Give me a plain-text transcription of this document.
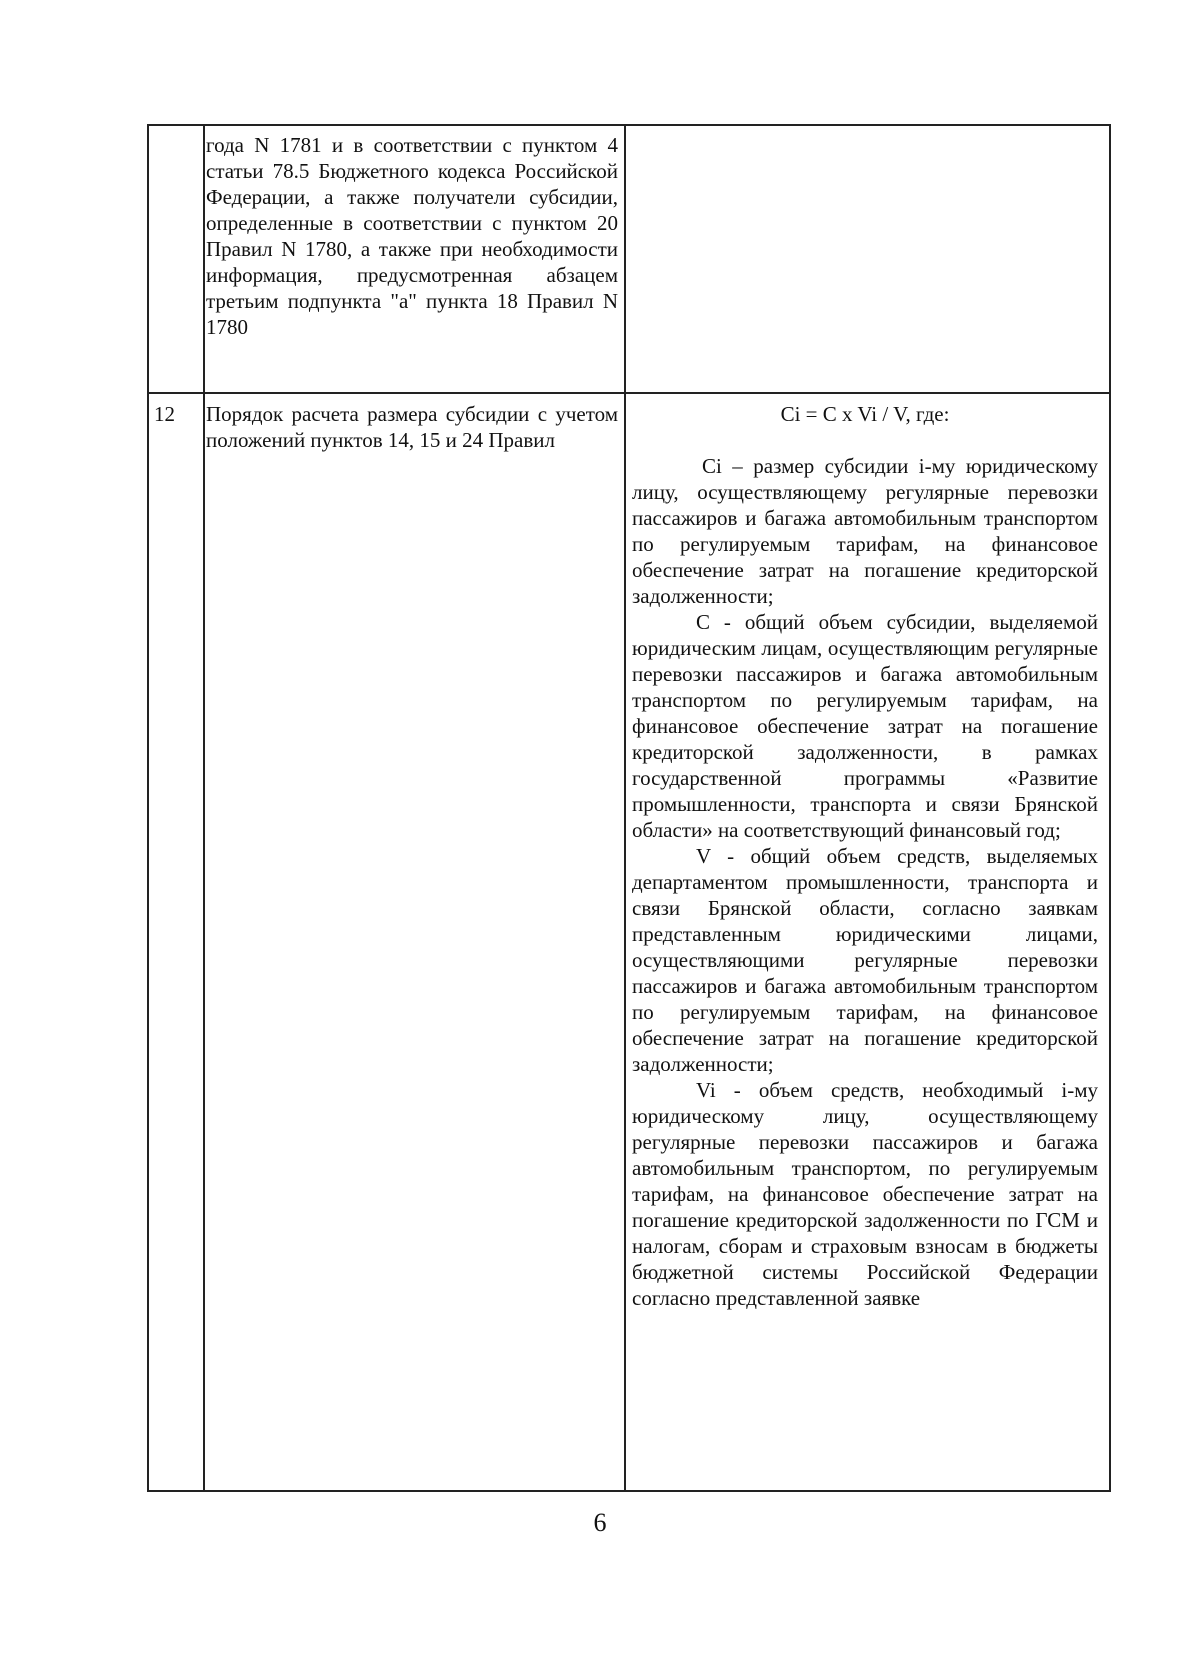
года N 1781 и в соответствии с пунктом 4 статьи 78.5 Бюджетного кодекса Российской Федерации, а также получатели субсидии, определенные в соответствии с пунктом 20 Правил N 1780, а также при необходимости информация, предусмотренная абзацем третьим подпункта "а" пункта 18 Правил N 1780
12	Порядок расчета размера субсидии с учетом положений пунктов 14, 15 и 24 Правил
Ci = C x Vi / V, где:
Ci – размер субсидии i-му юридическому лицу, осуществляющему регулярные перевозки пассажиров и багажа автомобильным транспортом по регулируемым тарифам, на финансовое обеспечение затрат на погашение кредиторской задолженности;
C - общий объем субсидии, выделяемой юридическим лицам, осуществляющим регулярные перевозки пассажиров и багажа автомобильным транспортом по регулируемым тарифам, на финансовое обеспечение затрат на погашение кредиторской задолженности, в рамках государственной программы «Развитие промышленности, транспорта и связи Брянской области» на соответствующий финансовый год;
V - общий объем средств, выделяемых департаментом промышленности, транспорта и связи Брянской области, согласно заявкам представленным юридическими лицами, осуществляющими регулярные перевозки пассажиров и багажа автомобильным транспортом по регулируемым тарифам, на финансовое обеспечение затрат на погашение кредиторской задолженности;
Vi - объем средств, необходимый i-му юридическому лицу, осуществляющему регулярные перевозки пассажиров и багажа автомобильным транспортом, по регулируемым тарифам, на финансовое обеспечение затрат на погашение кредиторской задолженности по ГСМ и налогам, сборам и страховым взносам в бюджеты бюджетной системы Российской Федерации согласно представленной заявке
6
